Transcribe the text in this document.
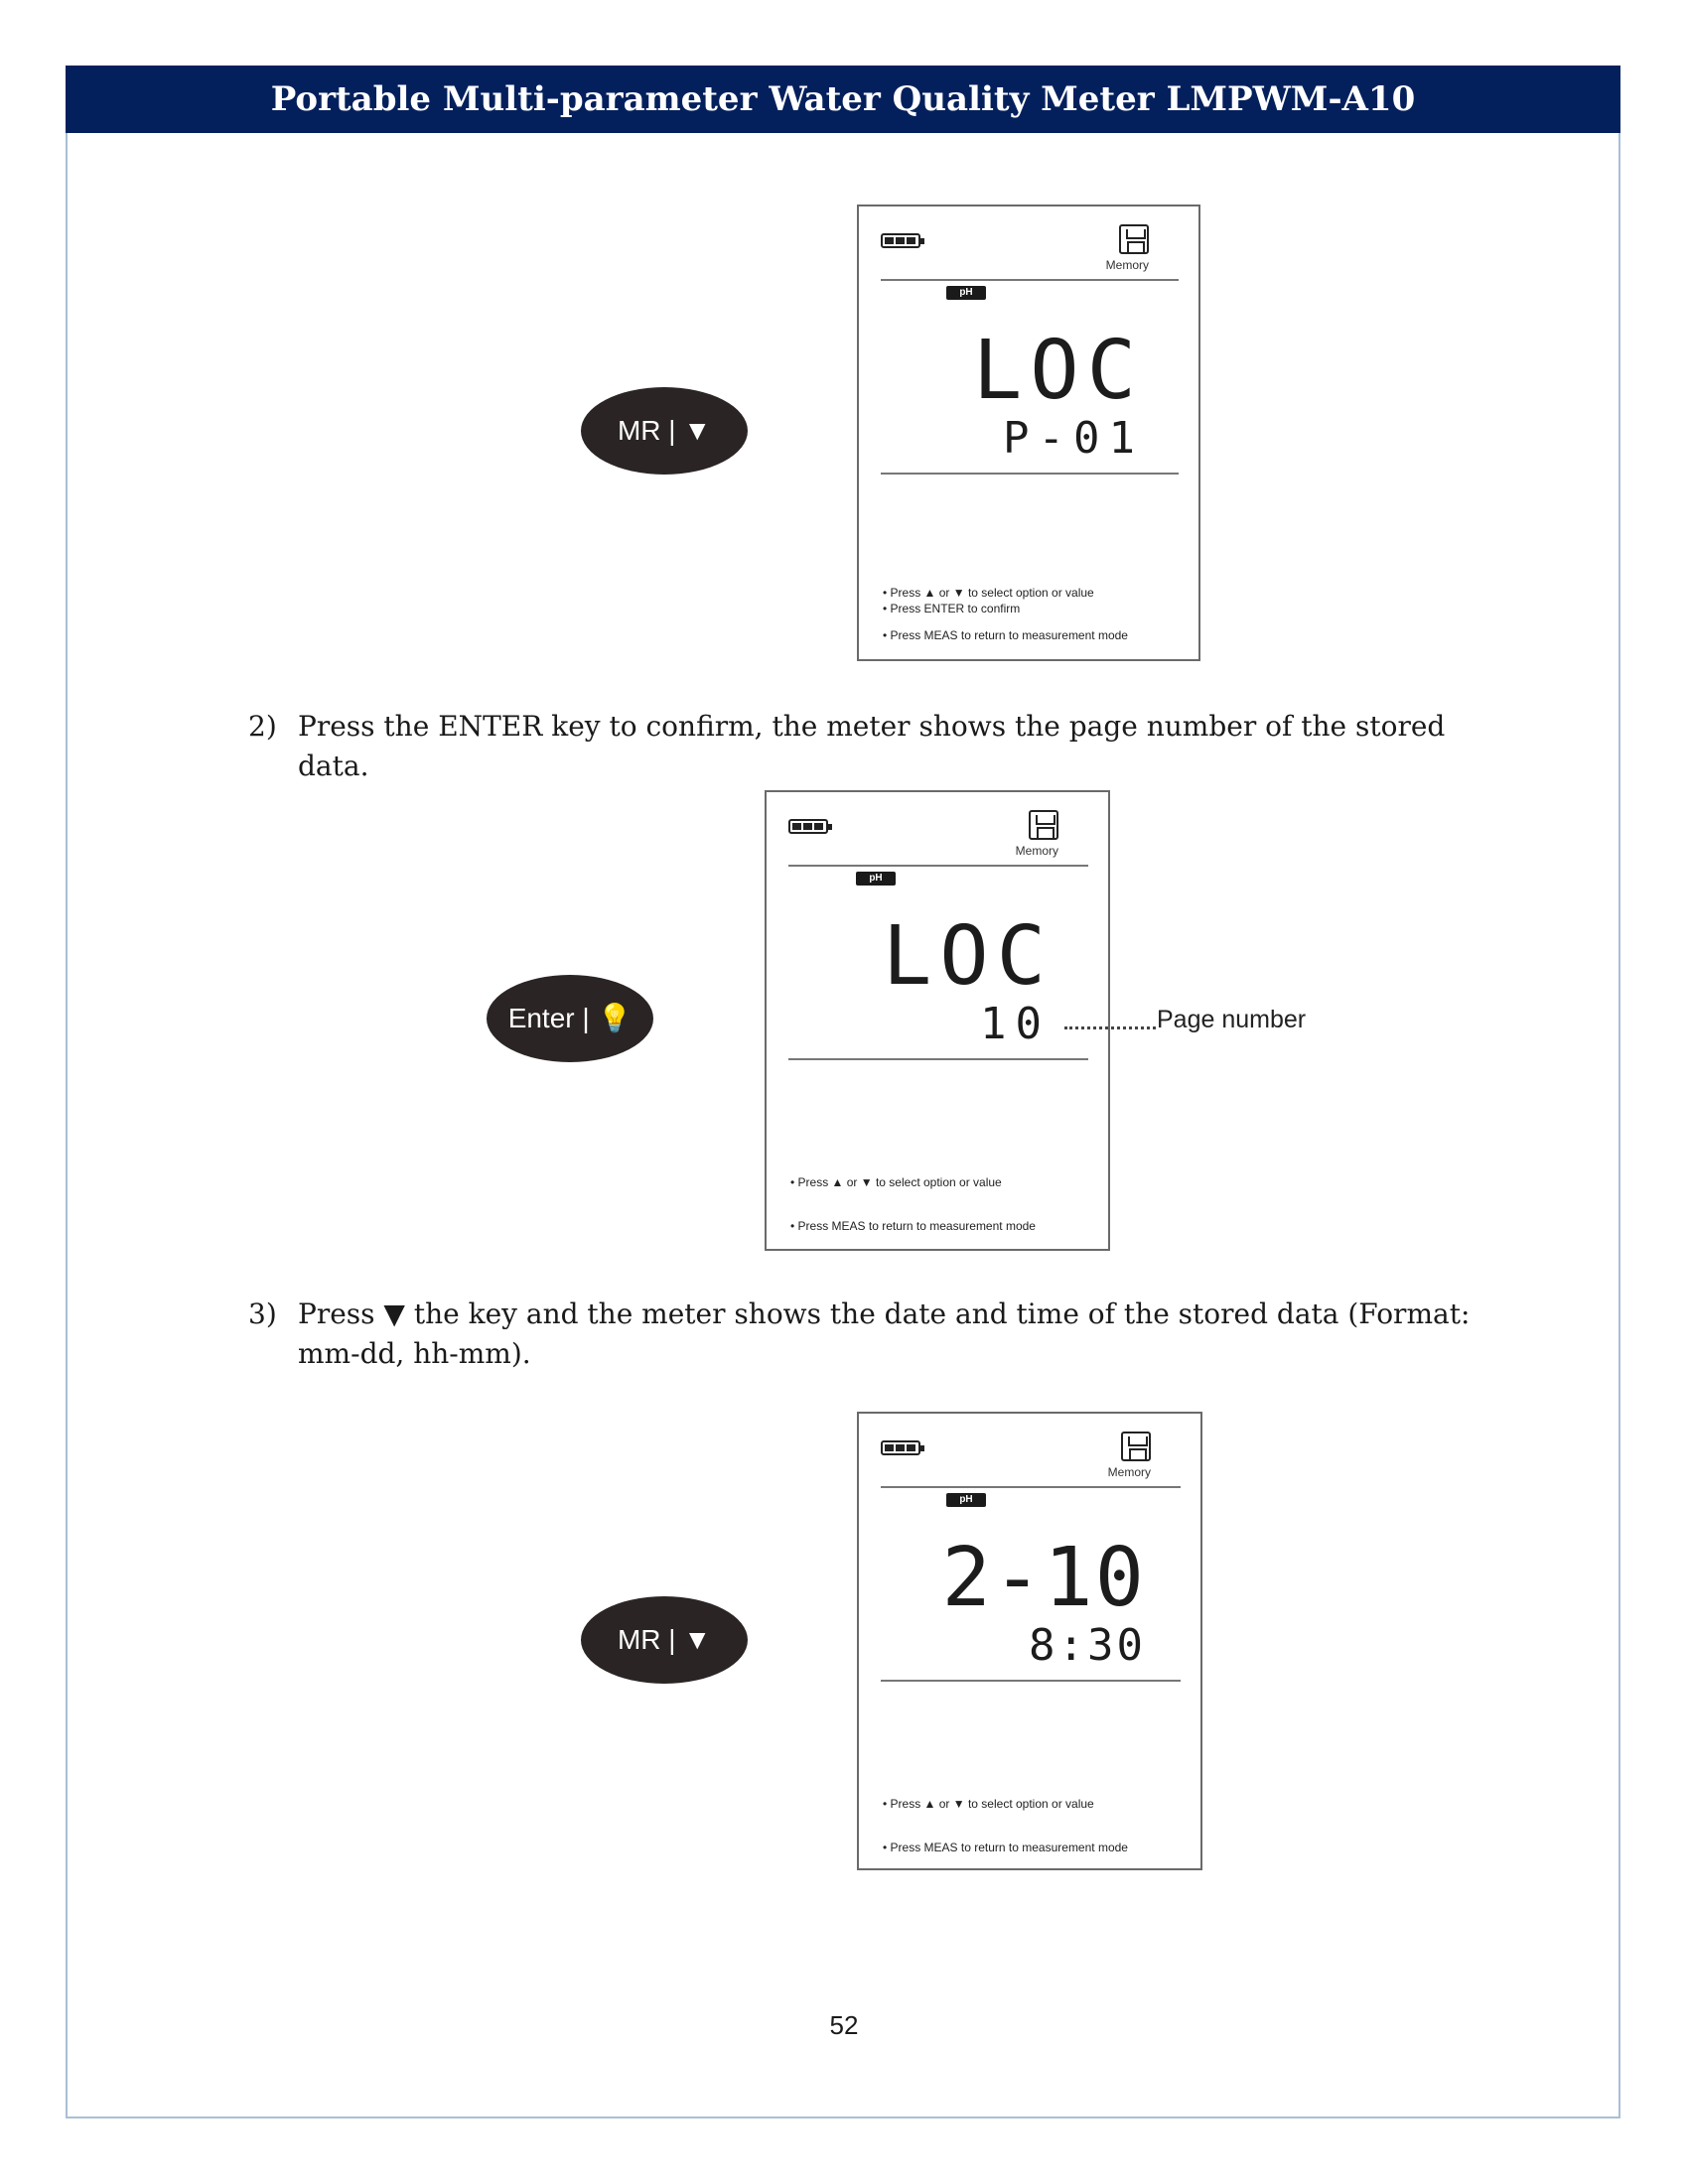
Portable Multi-parameter Water Quality Meter LMPWM-A10
MR | ▼
Memory
pH
LOC
P-01
• Press ▲ or ▼ to select option or value
• Press ENTER to confirm
• Press MEAS to return to measurement mode
2) Press the ENTER key to confirm, the meter shows the page number of the stored data.
Enter | 💡
Memory
pH
LOC
10
• Press ▲ or ▼ to select option or value
• Press MEAS to return to measurement mode
Page number
3) Press ▼ the key and the meter shows the date and time of the stored data (Format:
mm-dd, hh-mm).
MR | ▼
Memory
pH
2-10
8:30
• Press ▲ or ▼ to select option or value
• Press MEAS to return to measurement mode
52
